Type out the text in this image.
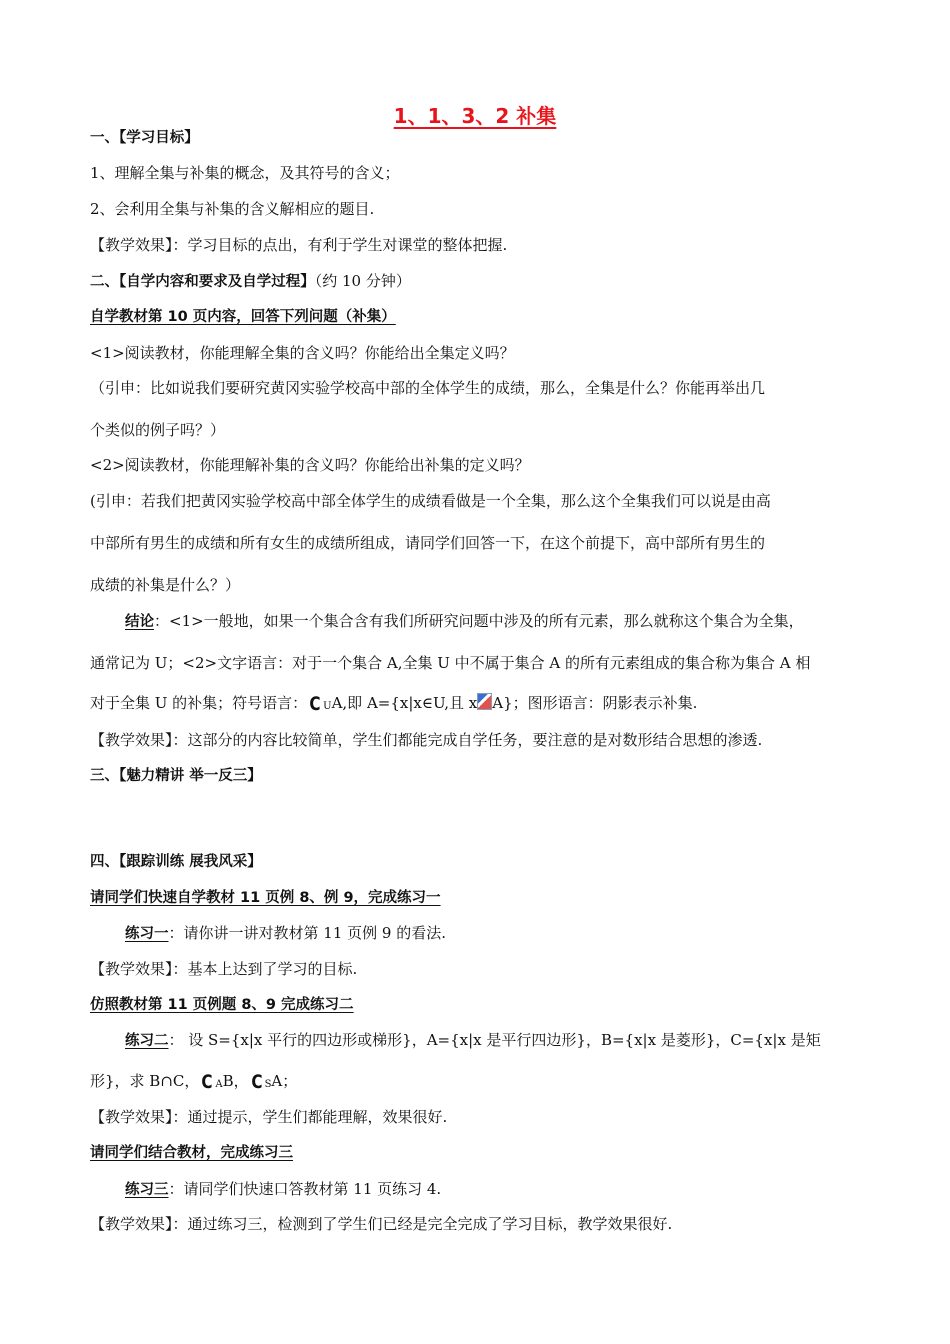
1、1、3、2 补集
一、【学习目标】
1、理解全集与补集的概念，及其符号的含义；
2、会利用全集与补集的含义解相应的题目.
【教学效果】：学习目标的点出，有利于学生对课堂的整体把握.
二、【自学内容和要求及自学过程】（约 10 分钟）
自学教材第 10 页内容，回答下列问题（补集）
<1>阅读教材，你能理解全集的含义吗？你能给出全集定义吗？
（引申：比如说我们要研究黄冈实验学校高中部的全体学生的成绩，那么，全集是什么？你能再举出几
个类似的例子吗？）
<2>阅读教材，你能理解补集的含义吗？你能给出补集的定义吗？
(引申：若我们把黄冈实验学校高中部全体学生的成绩看做是一个全集，那么这个全集我们可以说是由高
中部所有男生的成绩和所有女生的成绩所组成，请同学们回答一下，在这个前提下，高中部所有男生的
成绩的补集是什么？）
结论：<1>一般地，如果一个集合含有我们所研究问题中涉及的所有元素，那么就称这个集合为全集，
通常记为 U；<2>文字语言：对于一个集合 A,全集 U 中不属于集合 A 的所有元素组成的集合称为集合 A 相
对于全集 U 的补集；符号语言： C UA,即 A={x|x∈U,且 x A}；图形语言：阴影表示补集.
【教学效果】：这部分的内容比较简单，学生们都能完成自学任务，要注意的是对数形结合思想的渗透.
三、【魅力精讲 举一反三】
四、【跟踪训练 展我风采】
请同学们快速自学教材 11 页例 8、例 9，完成练习一
练习一：请你讲一讲对教材第 11 页例 9 的看法.
【教学效果】：基本上达到了学习的目标.
仿照教材第 11 页例题 8、9 完成练习二
练习二： 设 S={x|x 平行的四边形或梯形}，A={x|x 是平行四边形}，B={x|x 是菱形}，C={x|x 是矩
形}，求 B∩C， C AB， C SA；
【教学效果】：通过提示，学生们都能理解，效果很好.
请同学们结合教材，完成练习三
练习三：请同学们快速口答教材第 11 页练习 4.
【教学效果】：通过练习三，检测到了学生们已经是完全完成了学习目标，教学效果很好.
